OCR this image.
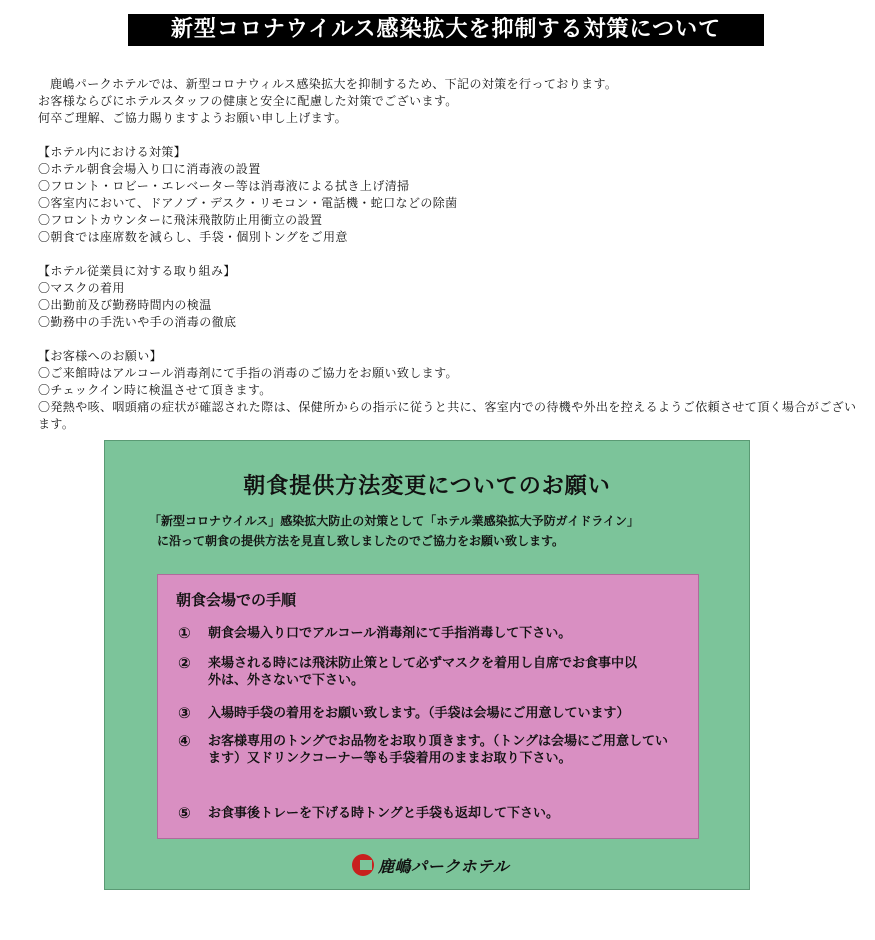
新型コロナウイルス感染拡大を抑制する対策について

鹿嶋パークホテルでは、新型コロナウィルス感染拡大を抑制するため、下記の対策を行っております。

お客様ならびにホテルスタッフの健康と安全に配慮した対策でございます。

何卒ご理解、ご協力賜りますようお願い申し上げます。

【ホテル内における対策】

〇ホテル朝食会場入り口に消毒液の設置

〇フロント・ロビー・エレベーター等は消毒液による拭き上げ清掃

〇客室内において、ドアノブ・デスク・リモコン・電話機・蛇口などの除菌

〇フロントカウンターに飛沫飛散防止用衝立の設置

〇朝食では座席数を減らし、手袋・個別トングをご用意

【ホテル従業員に対する取り組み】

〇マスクの着用

〇出勤前及び勤務時間内の検温

〇勤務中の手洗いや手の消毒の徹底

【お客様へのお願い】

〇ご来館時はアルコール消毒剤にて手指の消毒のご協力をお願い致します。

〇チェックイン時に検温させて頂きます。

〇発熱や咳、咽頭痛の症状が確認された際は、保健所からの指示に従うと共に、客室内での待機や外出を控えるようご依頼させて頂く場合がございます。

朝食提供方法変更についてのお願い

「新型コロナウイルス」感染拡大防止の対策として「ホテル業感染拡大予防ガイドライン」

に沿って朝食の提供方法を見直し致しましたのでご協力をお願い致します。

朝食会場での手順
①	朝食会場入り口でアルコール消毒剤にて手指消毒して下さい。
②	来場される時には飛沫防止策として必ずマスクを着用し自席でお食事中以外は、外さないで下さい。
③	入場時手袋の着用をお願い致します。（手袋は会場にご用意しています）
④	お客様専用のトングでお品物をお取り頂きます。（トングは会場にご用意しています）又ドリンクコーナー等も手袋着用のままお取り下さい。
⑤	お食事後トレーを下げる時トングと手袋も返却して下さい。
鹿嶋パークホテル
